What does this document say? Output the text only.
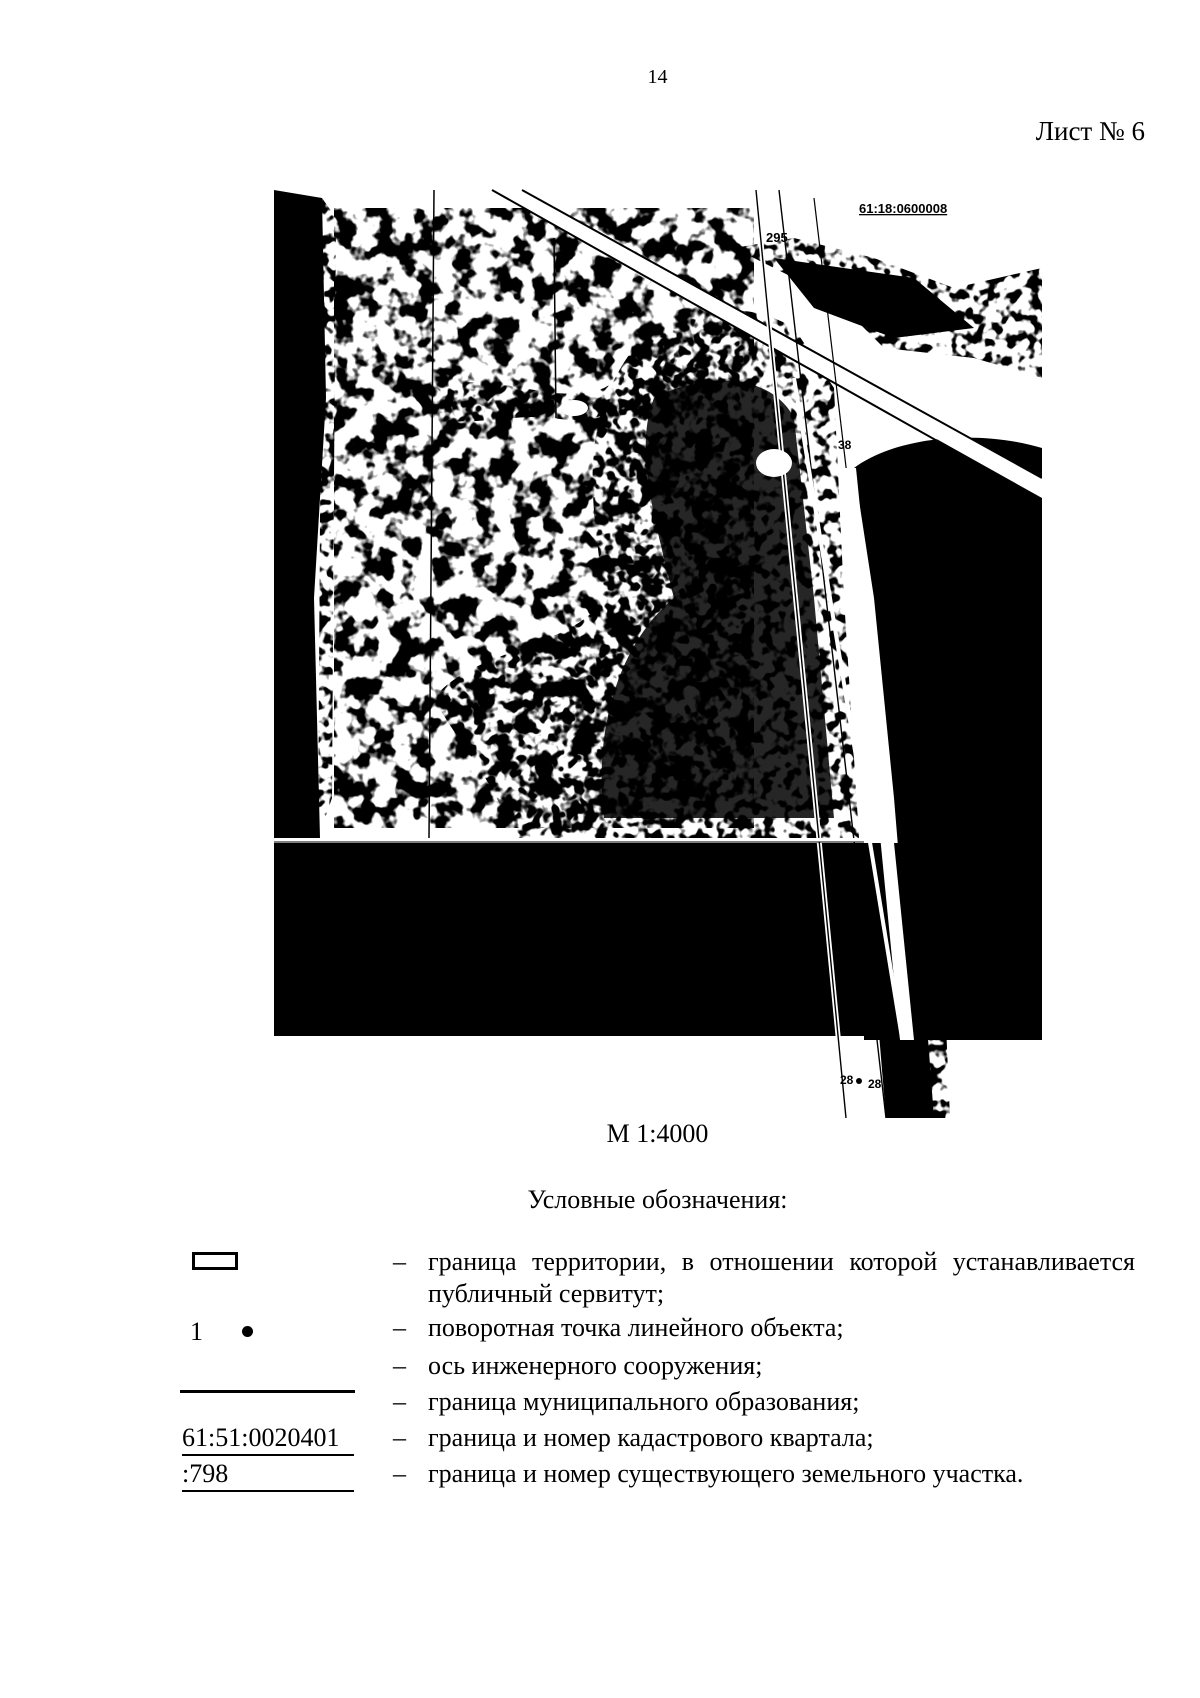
14
Лист № 6
61:18:0600008
295
38
28 28
М 1:4000
Условные обозначения:
– граница территории, в отношении которой устанавливается публичный сервитут;
1	– поворотная точка линейного объекта;
– ось инженерного сооружения;
– граница муниципального образования;
61:51:0020401	– граница и номер кадастрового квартала;
:798	– граница и номер существующего земельного участка.
